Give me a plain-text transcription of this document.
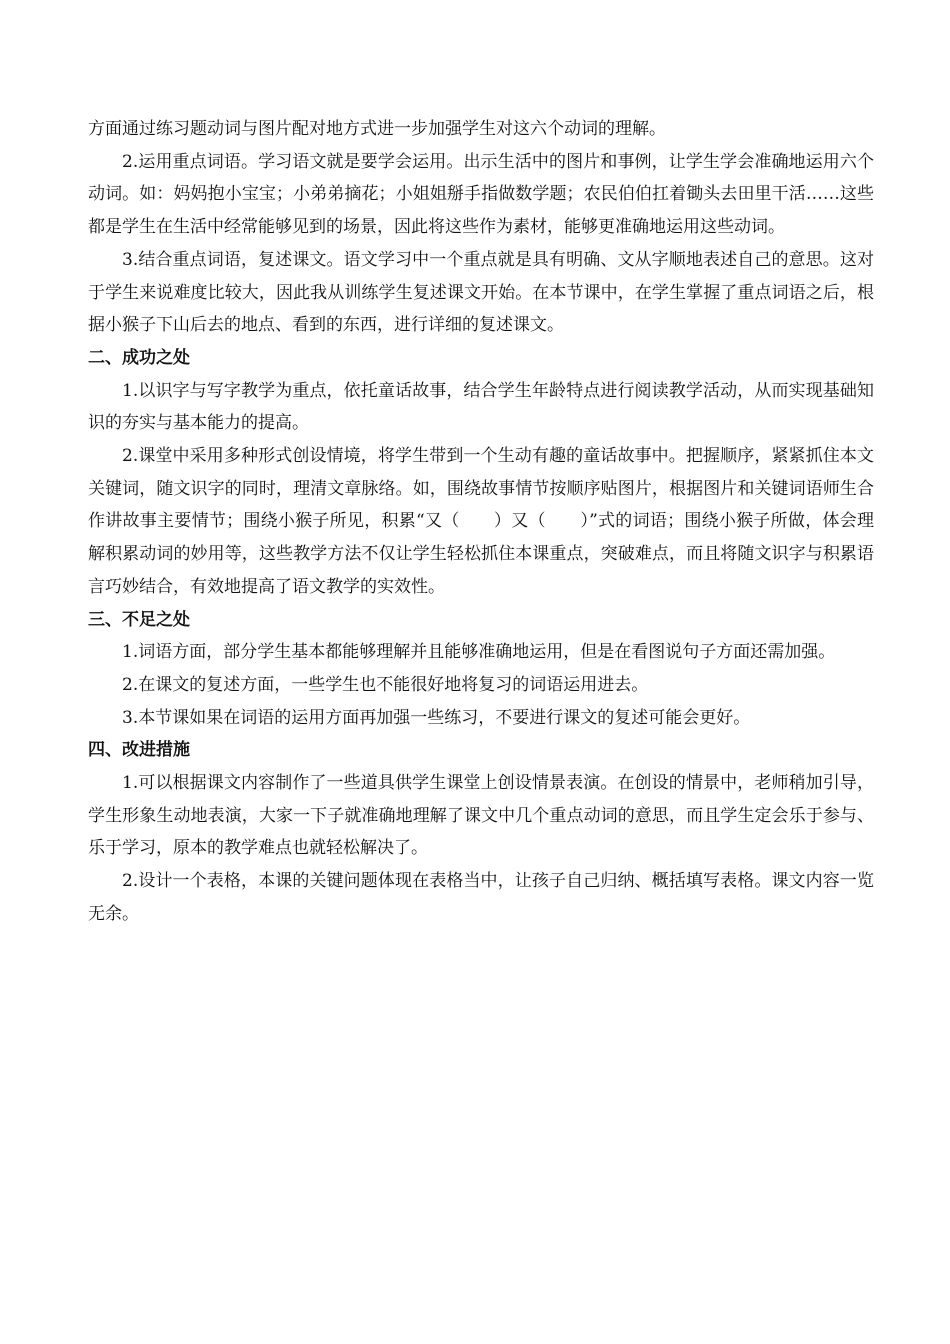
方面通过练习题动词与图片配对地方式进一步加强学生对这六个动词的理解。

2.运用重点词语。学习语文就是要学会运用。出示生活中的图片和事例，让学生学会准确地运用六个动词。如：妈妈抱小宝宝；小弟弟摘花；小姐姐掰手指做数学题；农民伯伯扛着锄头去田里干活……这些都是学生在生活中经常能够见到的场景，因此将这些作为素材，能够更准确地运用这些动词。

3.结合重点词语，复述课文。语文学习中一个重点就是具有明确、文从字顺地表述自己的意思。这对于学生来说难度比较大，因此我从训练学生复述课文开始。在本节课中，在学生掌握了重点词语之后，根据小猴子下山后去的地点、看到的东西，进行详细的复述课文。

二、成功之处

1.以识字与写字教学为重点，依托童话故事，结合学生年龄特点进行阅读教学活动，从而实现基础知识的夯实与基本能力的提高。

2.课堂中采用多种形式创设情境，将学生带到一个生动有趣的童话故事中。把握顺序，紧紧抓住本文关键词，随文识字的同时，理清文章脉络。如，围绕故事情节按顺序贴图片，根据图片和关键词语师生合作讲故事主要情节；围绕小猴子所见，积累“又（　　）又（　　）”式的词语；围绕小猴子所做，体会理解积累动词的妙用等，这些教学方法不仅让学生轻松抓住本课重点，突破难点，而且将随文识字与积累语言巧妙结合，有效地提高了语文教学的实效性。

三、不足之处

1.词语方面，部分学生基本都能够理解并且能够准确地运用，但是在看图说句子方面还需加强。

2.在课文的复述方面，一些学生也不能很好地将复习的词语运用进去。

3.本节课如果在词语的运用方面再加强一些练习，不要进行课文的复述可能会更好。

四、改进措施

1.可以根据课文内容制作了一些道具供学生课堂上创设情景表演。在创设的情景中，老师稍加引导，学生形象生动地表演，大家一下子就准确地理解了课文中几个重点动词的意思，而且学生定会乐于参与、乐于学习，原本的教学难点也就轻松解决了。

2.设计一个表格，本课的关键问题体现在表格当中，让孩子自己归纳、概括填写表格。课文内容一览无余。
